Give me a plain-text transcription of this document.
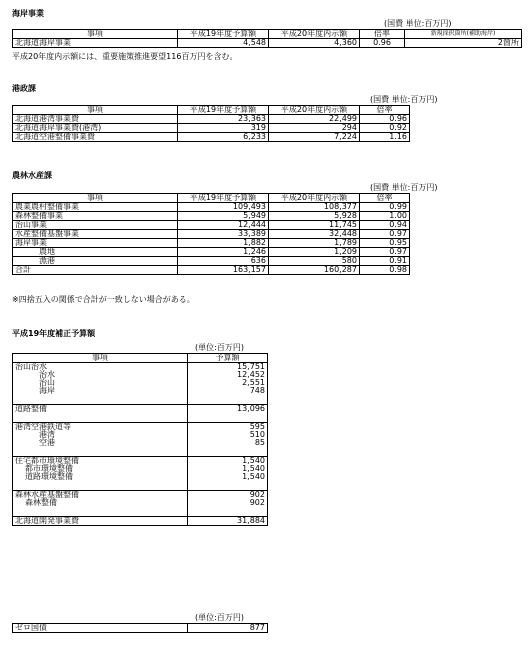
海岸事業
(国費 単位:百万円)
事項	平成19年度予算額	平成20年度内示額	倍率	新規採択箇所(補助海岸)
北海道海岸事業	4,548	4,360	0.96	2箇所
平成20年度内示額には、重要施策推進要望116百万円を含む。
港政課
(国費 単位:百万円)
事項	平成19年度予算額	平成20年度内示額	倍率
北海道港湾事業費	23,363	22,499	0.96
北海道海岸事業費(港湾)	319	294	0.92
北海道空港整備事業費	6,233	7,224	1.16
農林水産課
(国費 単位:百万円)
事項	平成19年度予算額	平成20年度内示額	倍率
農業農村整備事業	109,493	108,377	0.99
森林整備事業	5,949	5,928	1.00
治山事業	12,444	11,745	0.94
水産整備基盤事業	33,389	32,448	0.97
海岸事業	1,882	1,789	0.95
農地	1,246	1,209	0.97
漁港	636	580	0.91
合計	163,157	160,287	0.98
※四捨五入の関係で合計が一致しない場合がある。
平成19年度補正予算額
(単位:百万円)
事項	予算額
治山治水	15,751
治水	12,452
治山	2,551
海岸	748

道路整備	13,096

港湾空港鉄道等	595
港湾	510
空港	85

住宅都市環境整備	1,540
都市環境整備	1,540
道路環境整備	1,540

森林水産基盤整備	902
森林整備	902

北海道開発事業費	31,884
(単位:百万円)
ゼロ国債	877
